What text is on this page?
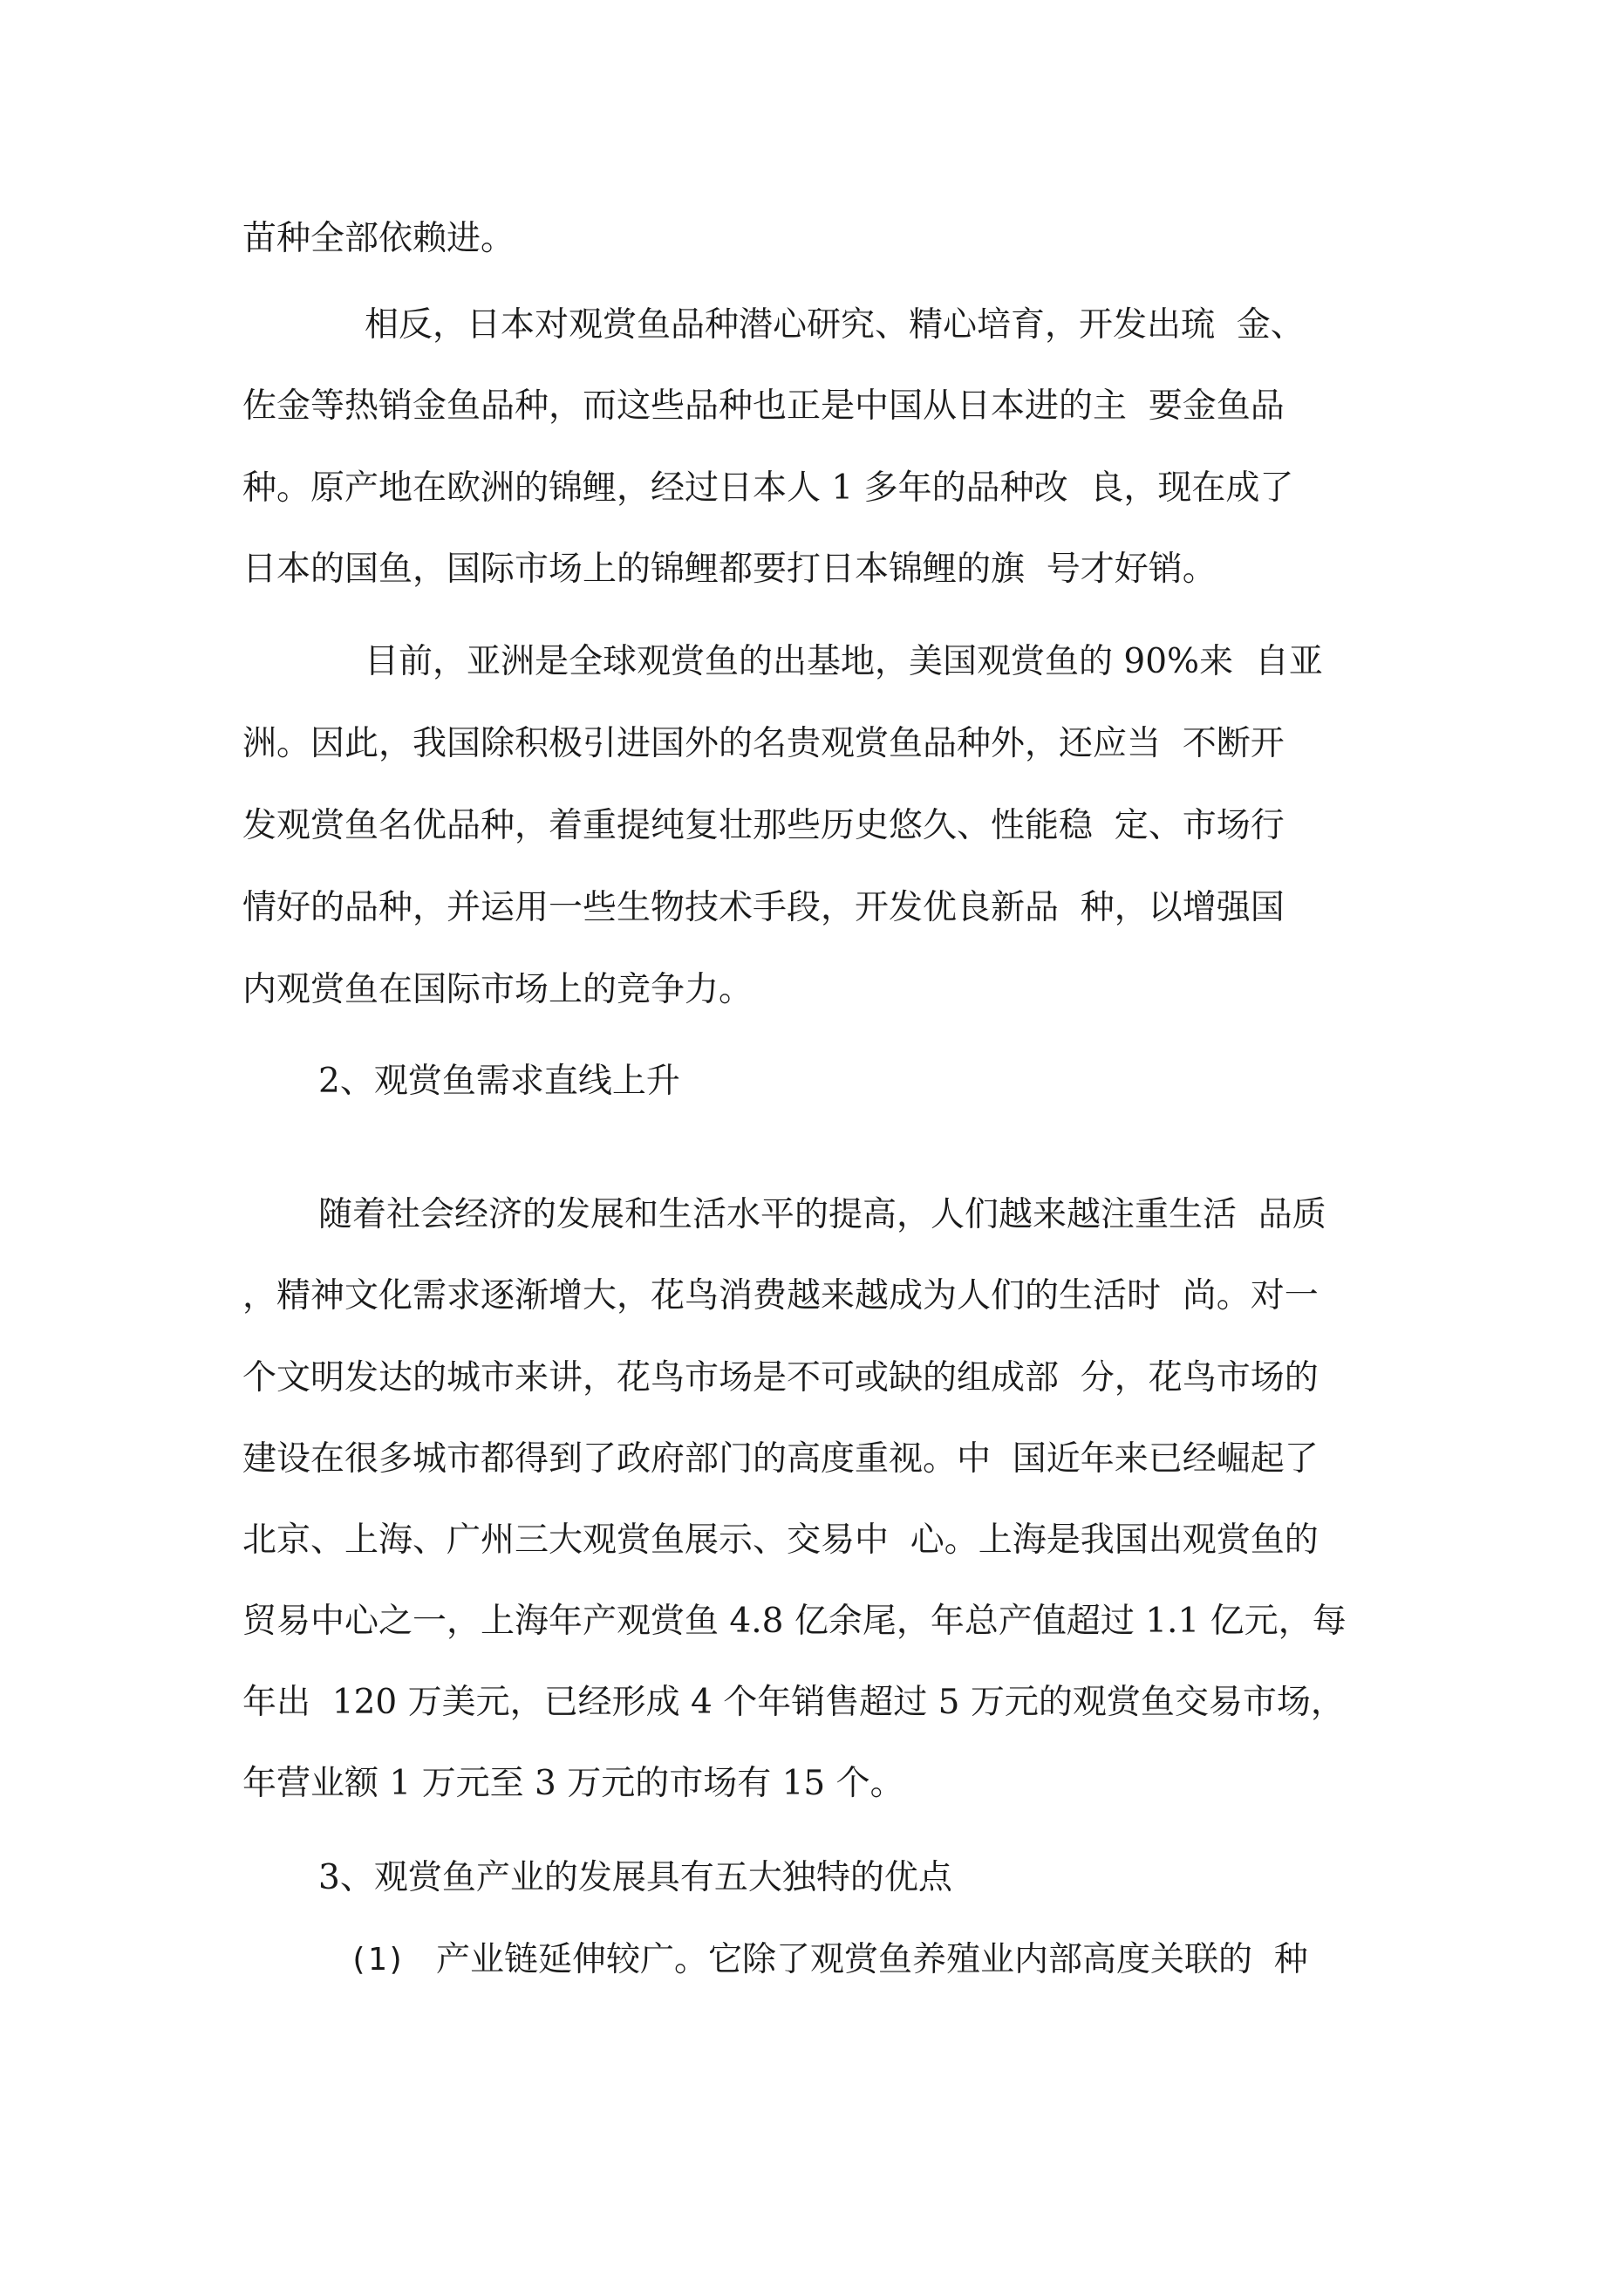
苗种全部依赖进。
相反，日本对观赏鱼品种潜心研究、精心培育，开发出琉  金、
佐金等热销金鱼品种，而这些品种也正是中国从日本进的主  要金鱼品
种。原产地在欧洲的锦鲤，经过日本人 1 多年的品种改  良，现在成了
日本的国鱼，国际市场上的锦鲤都要打日本锦鲤的旗  号才好销。
目前，亚洲是全球观赏鱼的出基地，美国观赏鱼的 90%来  自亚
洲。因此，我国除积极引进国外的名贵观赏鱼品种外，还应当  不断开
发观赏鱼名优品种，着重提纯复壮那些历史悠久、性能稳  定、市场行
情好的品种，并运用一些生物技术手段，开发优良新品  种，以增强国
内观赏鱼在国际市场上的竞争力。
2、观赏鱼需求直线上升
随着社会经济的发展和生活水平的提高，人们越来越注重生活  品质
，精神文化需求逐渐增大，花鸟消费越来越成为人们的生活时  尚。对一
个文明发达的城市来讲，花鸟市场是不可或缺的组成部  分，花鸟市场的
建设在很多城市都得到了政府部门的高度重视。中  国近年来已经崛起了
北京、上海、广州三大观赏鱼展示、交易中  心。上海是我国出观赏鱼的
贸易中心之一，上海年产观赏鱼 4.8 亿余尾，年总产值超过 1.1 亿元，每
年出  120 万美元，已经形成 4 个年销售超过 5 万元的观赏鱼交易市场，
年营业额 1 万元至 3 万元的市场有 15 个。
3、观赏鱼产业的发展具有五大独特的优点
(1) 产业链延伸较广。它除了观赏鱼养殖业内部高度关联的  种
